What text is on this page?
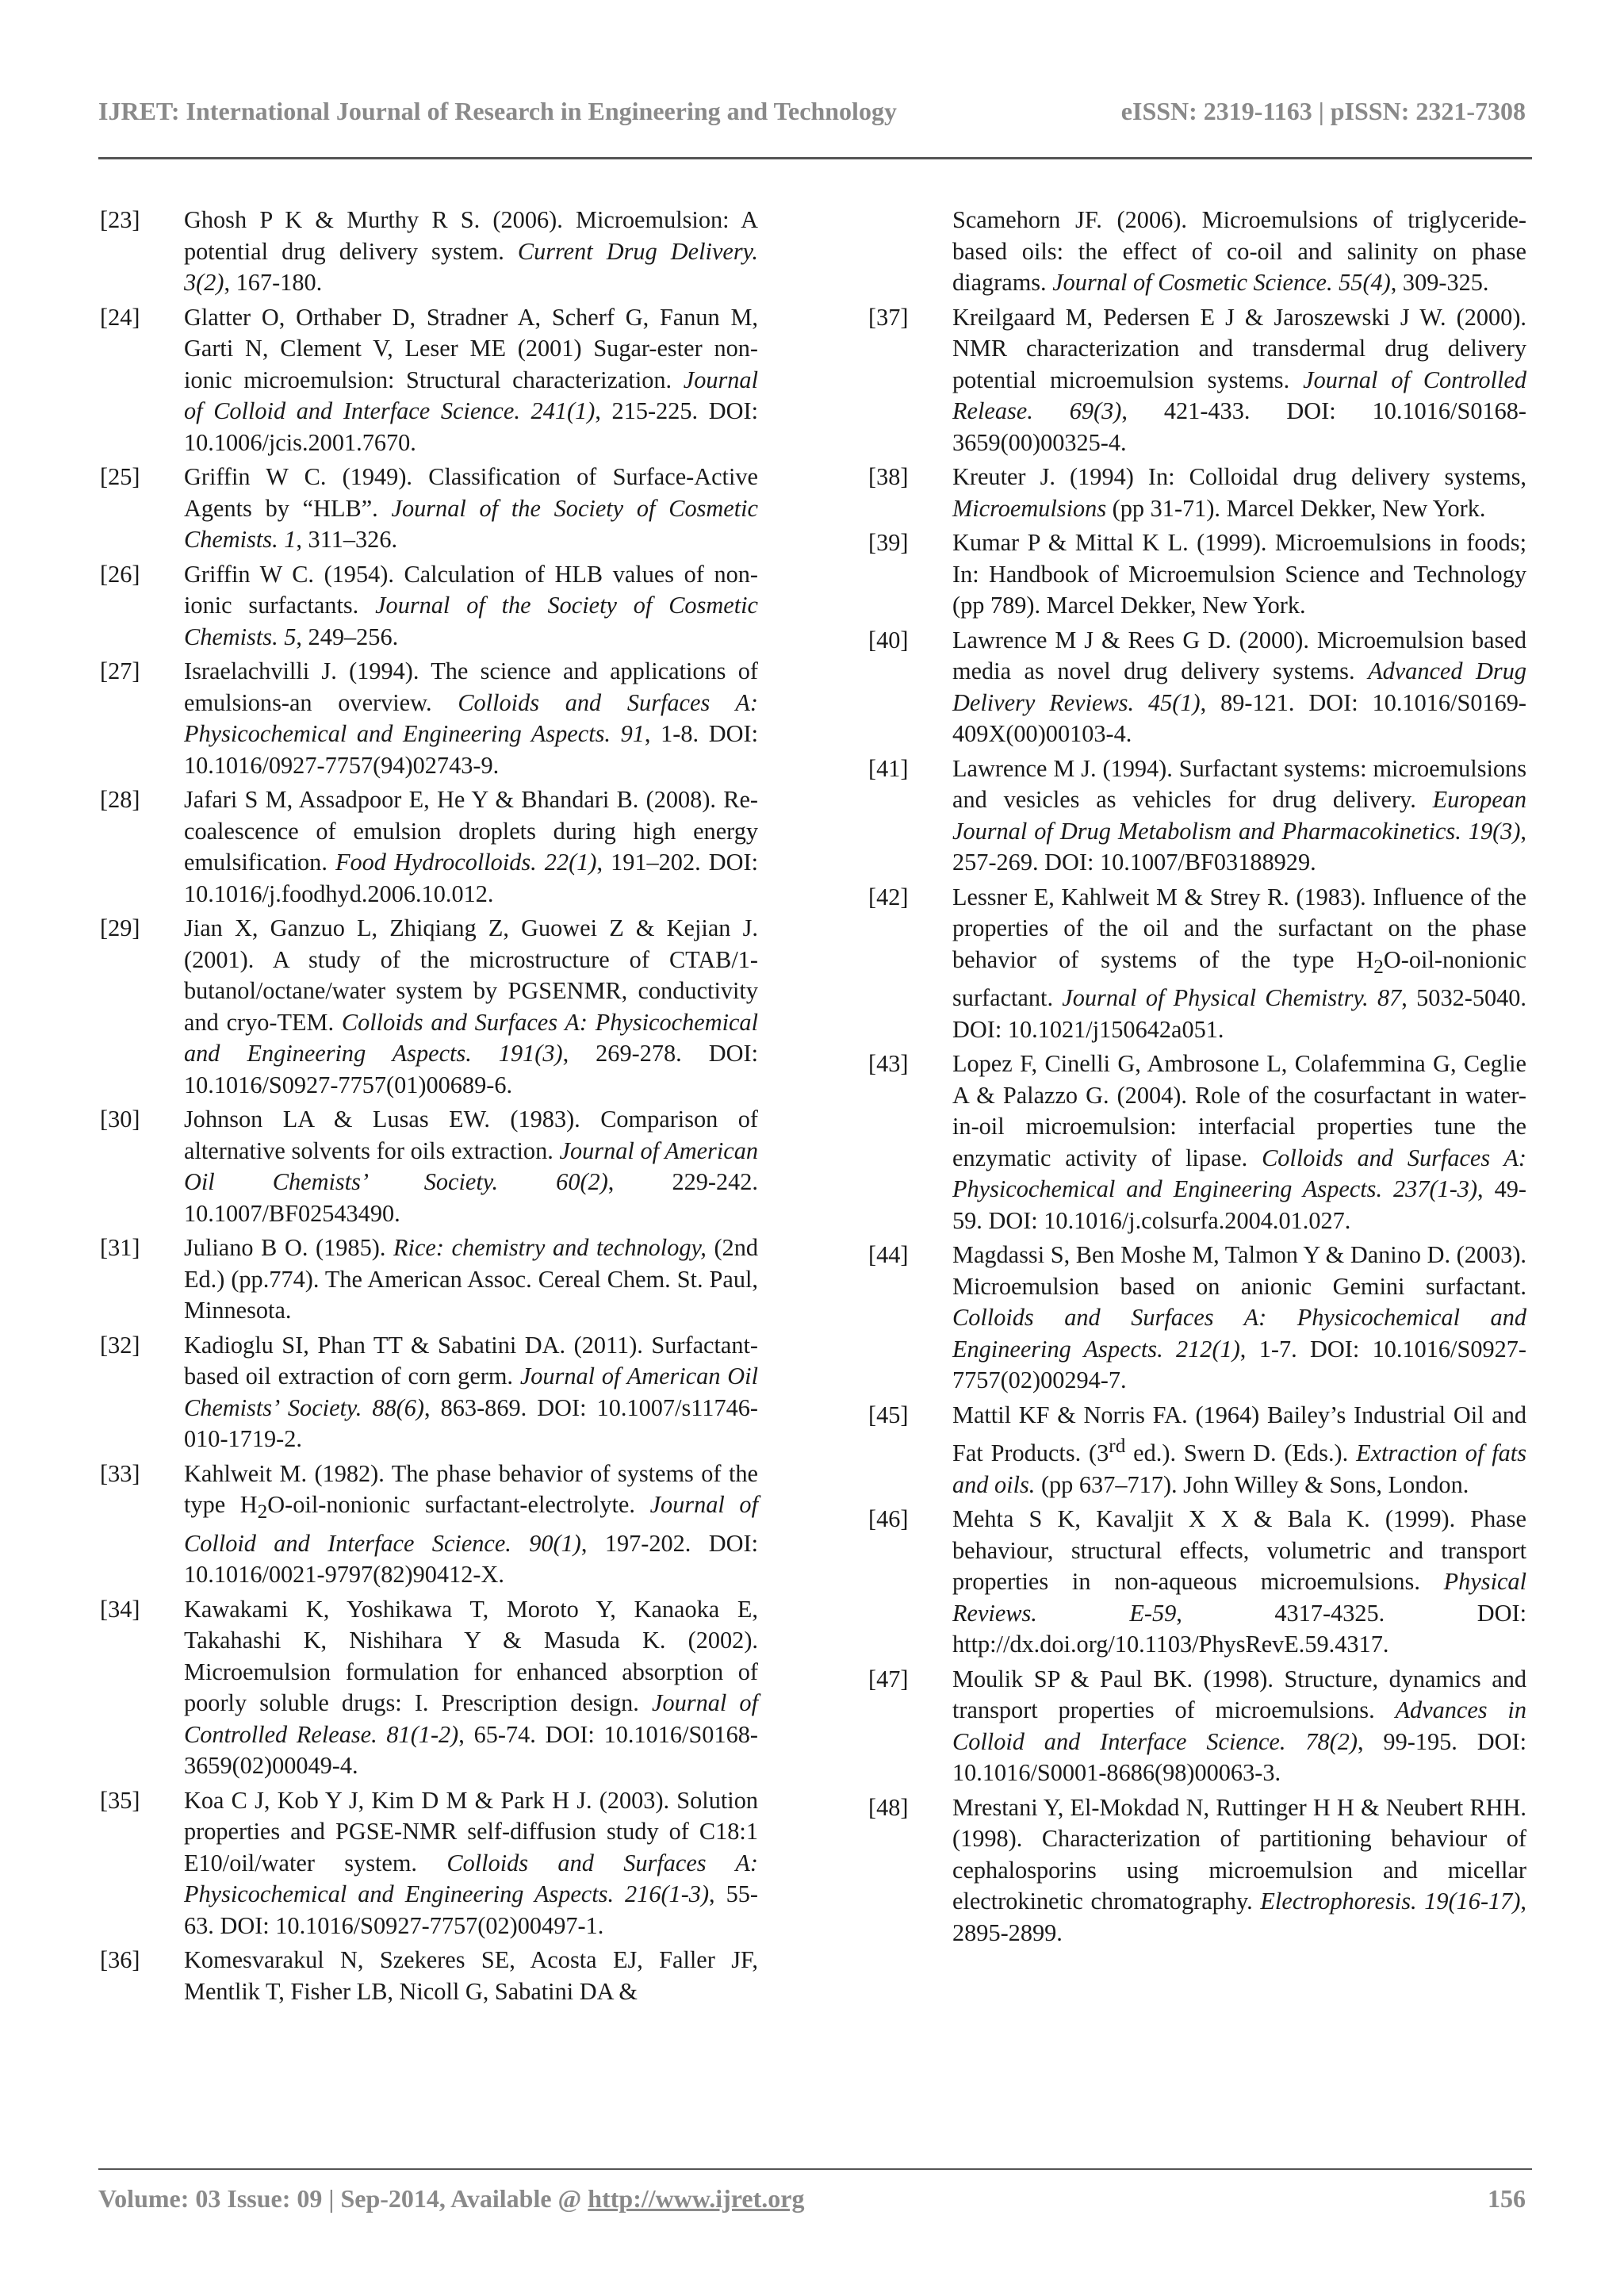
IJRET: International Journal of Research in Engineering and Technology	eISSN: 2319-1163 | pISSN: 2321-7308
[23]	Ghosh P K & Murthy R S. (2006). Microemulsion: A potential drug delivery system. Current Drug Delivery. 3(2), 167-180.
[24]	Glatter O, Orthaber D, Stradner A, Scherf G, Fanun M, Garti N, Clement V, Leser ME (2001) Sugar-ester non-ionic microemulsion: Structural characterization. Journal of Colloid and Interface Science. 241(1), 215-225. DOI: 10.1006/jcis.2001.7670.
[25]	Griffin W C. (1949). Classification of Surface-Active Agents by “HLB”. Journal of the Society of Cosmetic Chemists. 1, 311–326.
[26]	Griffin W C. (1954). Calculation of HLB values of non-ionic surfactants. Journal of the Society of Cosmetic Chemists. 5, 249–256.
[27]	Israelachvilli J. (1994). The science and applications of emulsions-an overview. Colloids and Surfaces A: Physicochemical and Engineering Aspects. 91, 1-8. DOI: 10.1016/0927-7757(94)02743-9.
[28]	Jafari S M, Assadpoor E, He Y & Bhandari B. (2008). Re-coalescence of emulsion droplets during high energy emulsification. Food Hydrocolloids. 22(1), 191–202. DOI: 10.1016/j.foodhyd.2006.10.012.
[29]	Jian X, Ganzuo L, Zhiqiang Z, Guowei Z & Kejian J. (2001). A study of the microstructure of CTAB/1-butanol/octane/water system by PGSENMR, conductivity and cryo-TEM. Colloids and Surfaces A: Physicochemical and Engineering Aspects. 191(3), 269-278. DOI: 10.1016/S0927-7757(01)00689-6.
[30]	Johnson LA & Lusas EW. (1983). Comparison of alternative solvents for oils extraction. Journal of American Oil Chemists’ Society. 60(2), 229-242. 10.1007/BF02543490.
[31]	Juliano B O. (1985). Rice: chemistry and technology, (2nd Ed.) (pp.774). The American Assoc. Cereal Chem. St. Paul, Minnesota.
[32]	Kadioglu SI, Phan TT & Sabatini DA. (2011). Surfactant-based oil extraction of corn germ. Journal of American Oil Chemists’ Society. 88(6), 863-869. DOI: 10.1007/s11746-010-1719-2.
[33]	Kahlweit M. (1982). The phase behavior of systems of the type $H_2O-oil$-nonionic surfactant-electrolyte. Journal of Colloid and Interface Science. 90(1), 197-202. DOI: 10.1016/0021-9797(82)90412-X.
[34]	Kawakami K, Yoshikawa T, Moroto Y, Kanaoka E, Takahashi K, Nishihara Y & Masuda K. (2002). Microemulsion formulation for enhanced absorption of poorly soluble drugs: I. Prescription design. Journal of Controlled Release. 81(1-2), 65-74. DOI: 10.1016/S0168-3659(02)00049-4.
[35]	Koa C J, Kob Y J, Kim D M & Park H J. (2003). Solution properties and PGSE-NMR self-diffusion study of C18:1 E10/oil/water system. Colloids and Surfaces A: Physicochemical and Engineering Aspects. 216(1-3), 55-63. DOI: 10.1016/S0927-7757(02)00497-1.
[36]	Komesvarakul N, Szekeres SE, Acosta EJ, Faller JF, Mentlik T, Fisher LB, Nicoll G, Sabatini DA &
Scamehorn JF. (2006). Microemulsions of triglyceride-based oils: the effect of co-oil and salinity on phase diagrams. Journal of Cosmetic Science. 55(4), 309-325.
[37]	Kreilgaard M, Pedersen E J & Jaroszewski J W. (2000). NMR characterization and transdermal drug delivery potential microemulsion systems. Journal of Controlled Release. 69(3), 421-433. DOI: 10.1016/S0168-3659(00)00325-4.
[38]	Kreuter J. (1994) In: Colloidal drug delivery systems, Microemulsions (pp 31-71). Marcel Dekker, New York.
[39]	Kumar P & Mittal K L. (1999). Microemulsions in foods; In: Handbook of Microemulsion Science and Technology (pp 789). Marcel Dekker, New York.
[40]	Lawrence M J & Rees G D. (2000). Microemulsion based media as novel drug delivery systems. Advanced Drug Delivery Reviews. 45(1), 89-121. DOI: 10.1016/S0169-409X(00)00103-4.
[41]	Lawrence M J. (1994). Surfactant systems: microemulsions and vesicles as vehicles for drug delivery. European Journal of Drug Metabolism and Pharmacokinetics. 19(3), 257-269. DOI: 10.1007/BF03188929.
[42]	Lessner E, Kahlweit M & Strey R. (1983). Influence of the properties of the oil and the surfactant on the phase behavior of systems of the type $H_2O-oil$-nonionic surfactant. Journal of Physical Chemistry. 87, 5032-5040. DOI: 10.1021/j150642a051.
[43]	Lopez F, Cinelli G, Ambrosone L, Colafemmina G, Ceglie A & Palazzo G. (2004). Role of the cosurfactant in water-in-oil microemulsion: interfacial properties tune the enzymatic activity of lipase. Colloids and Surfaces A: Physicochemical and Engineering Aspects. 237(1-3), 49-59. DOI: 10.1016/j.colsurfa.2004.01.027.
[44]	Magdassi S, Ben Moshe M, Talmon Y & Danino D. (2003). Microemulsion based on anionic Gemini surfactant. Colloids and Surfaces A: Physicochemical and Engineering Aspects. 212(1), 1-7. DOI: 10.1016/S0927-7757(02)00294-7.
[45]	Mattil KF & Norris FA. (1964) Bailey’s Industrial Oil and Fat Products. (3rd ed.). Swern D. (Eds.). Extraction of fats and oils. (pp 637–717). John Willey & Sons, London.
[46]	Mehta S K, Kavaljit X X & Bala K. (1999). Phase behaviour, structural effects, volumetric and transport properties in non-aqueous microemulsions. Physical Reviews. E-59, 4317-4325. DOI: http://dx.doi.org/10.1103/PhysRevE.59.4317.
[47]	Moulik SP & Paul BK. (1998). Structure, dynamics and transport properties of microemulsions. Advances in Colloid and Interface Science. 78(2), 99-195. DOI: 10.1016/S0001-8686(98)00063-3.
[48]	Mrestani Y, El-Mokdad N, Ruttinger H H & Neubert RHH. (1998). Characterization of partitioning behaviour of cephalosporins using microemulsion and micellar electrokinetic chromatography. Electrophoresis. 19(16-17), 2895-2899.
Volume: 03 Issue: 09 | Sep-2014, Available @ http://www.ijret.org	156
